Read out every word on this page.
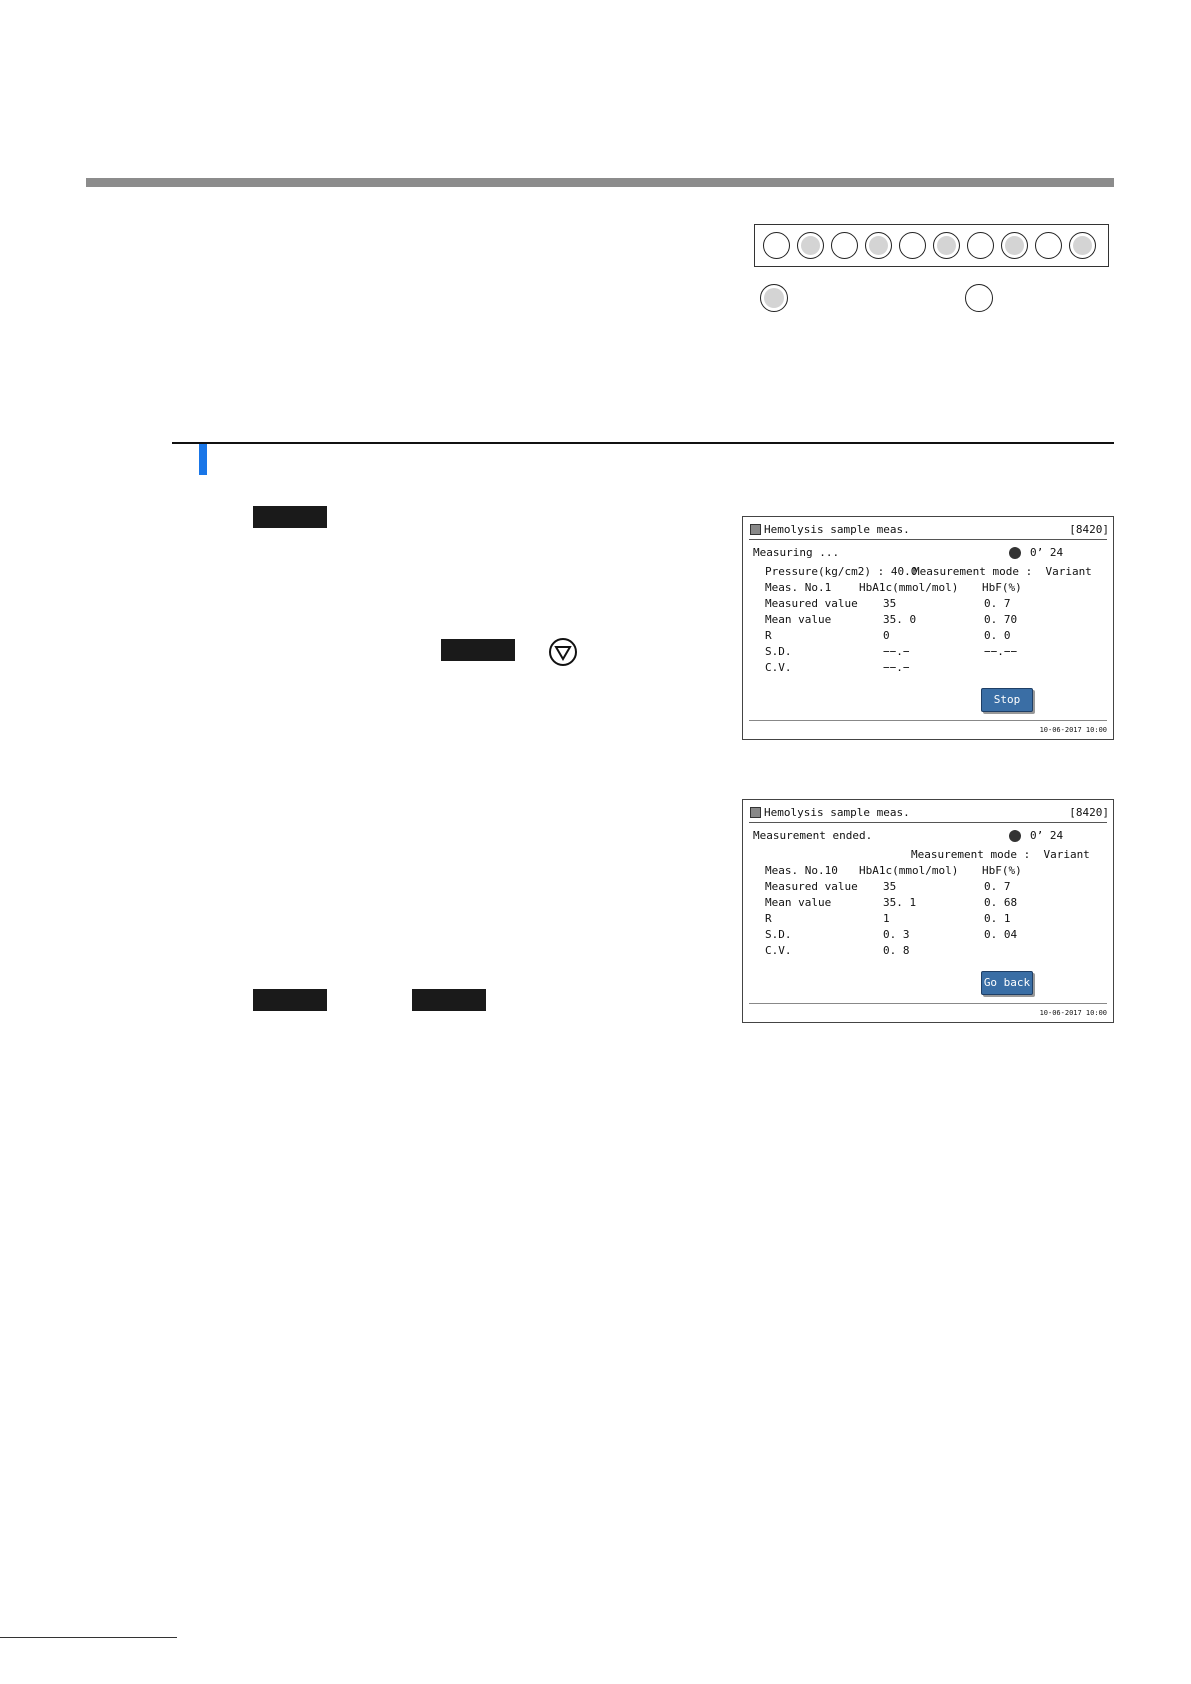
Hemolysis sample meas.	[8420]
Measuring ...	0’ 24
Pressure(kg/cm2) : 40.0
Measurement mode :  Variant
Meas. No.1	HbA1c(mmol/mol) HbF(%)
Stop
10-06-2017 10:00
Measured value 35	0. 7
Mean value	35. 0	0. 70
R	0	0. 0
S.D.	−−.−	−−.−−
C.V.	−−.−
Hemolysis sample meas.	[8420]
Measurement ended.	0’ 24
Measurement mode :  Variant
Meas. No.10 HbA1c(mmol/mol) HbF(%)
Go back
10-06-2017 10:00
Measured value 35	0. 7
Mean value	35. 1	0. 68
R	1	0. 1
S.D.	0. 3	0. 04
C.V.	0. 8
